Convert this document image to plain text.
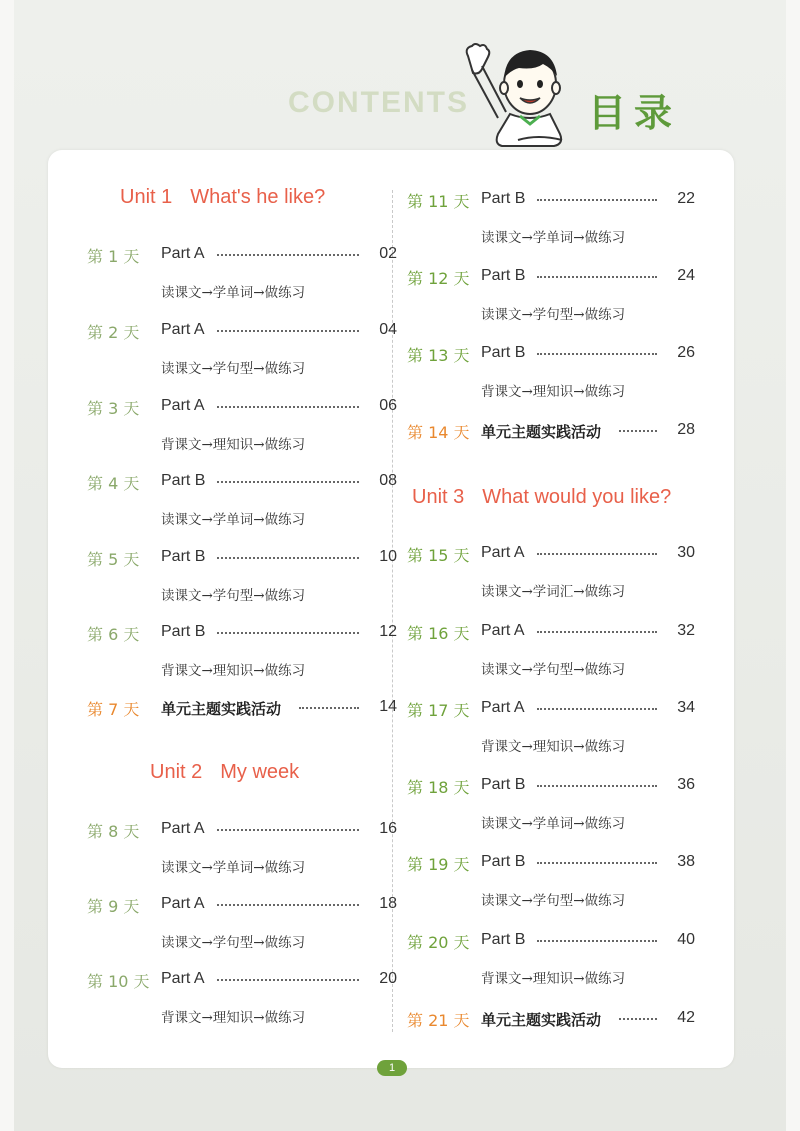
CONTENTS	目录
Unit 1 What's he like?
Unit 2 My week
Unit 3 What would you like?
第 1 天 Part A	02
读课文→学单词→做练习
第 2 天 Part A	04
读课文→学句型→做练习
第 3 天 Part A	06
背课文→理知识→做练习
第 4 天 Part B	08
读课文→学单词→做练习
第 5 天 Part B	10
读课文→学句型→做练习
第 6 天 Part B	12
背课文→理知识→做练习
第 7 天 单元主题实践活动	14
第 8 天 Part A	16
读课文→学单词→做练习
第 9 天 Part A	18
读课文→学句型→做练习
第 10 天 Part A	20
背课文→理知识→做练习
第 11 天 Part B	22
读课文→学单词→做练习
第 12 天 Part B	24
读课文→学句型→做练习
第 13 天 Part B	26
背课文→理知识→做练习
第 14 天 单元主题实践活动	28
第 15 天 Part A	30
读课文→学词汇→做练习
第 16 天 Part A	32
读课文→学句型→做练习
第 17 天 Part A	34
背课文→理知识→做练习
第 18 天 Part B	36
读课文→学单词→做练习
第 19 天 Part B	38
读课文→学句型→做练习
第 20 天 Part B	40
背课文→理知识→做练习
第 21 天 单元主题实践活动	42
1
